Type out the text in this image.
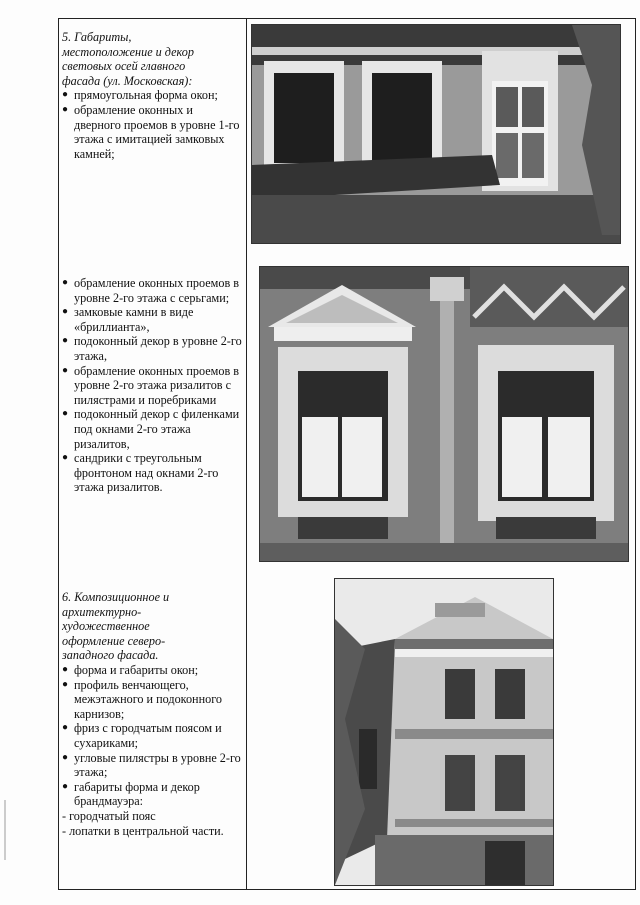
5. Габариты,
местоположение и декор
световых осей главного
фасада (ул. Московская):
● прямоугольная форма окон;
● обрамление оконных и дверного проемов в уровне 1-го этажа с имитацией замковых камней;
● обрамление оконных проемов в уровне 2-го этажа с серьгами;
● замковые камни в виде «бриллианта»,
● подоконный декор в уровне 2-го этажа,
● обрамление оконных проемов в уровне 2-го этажа ризалитов с пилястрами и поребриками
● подоконный декор с филенками под окнами 2-го этажа ризалитов,
● сандрики с треугольным фронтоном над окнами 2-го этажа ризалитов.
6. Композиционное и
архитектурно-
художественное
оформление северо-
западного фасада.
● форма и габариты окон;
● профиль венчающего, межэтажного и подоконного карнизов;
● фриз с городчатым поясом и сухариками;
● угловые пилястры в уровне 2-го этажа;
● габариты форма и декор брандмауэра:
- городчатый пояс
- лопатки в центральной части.
